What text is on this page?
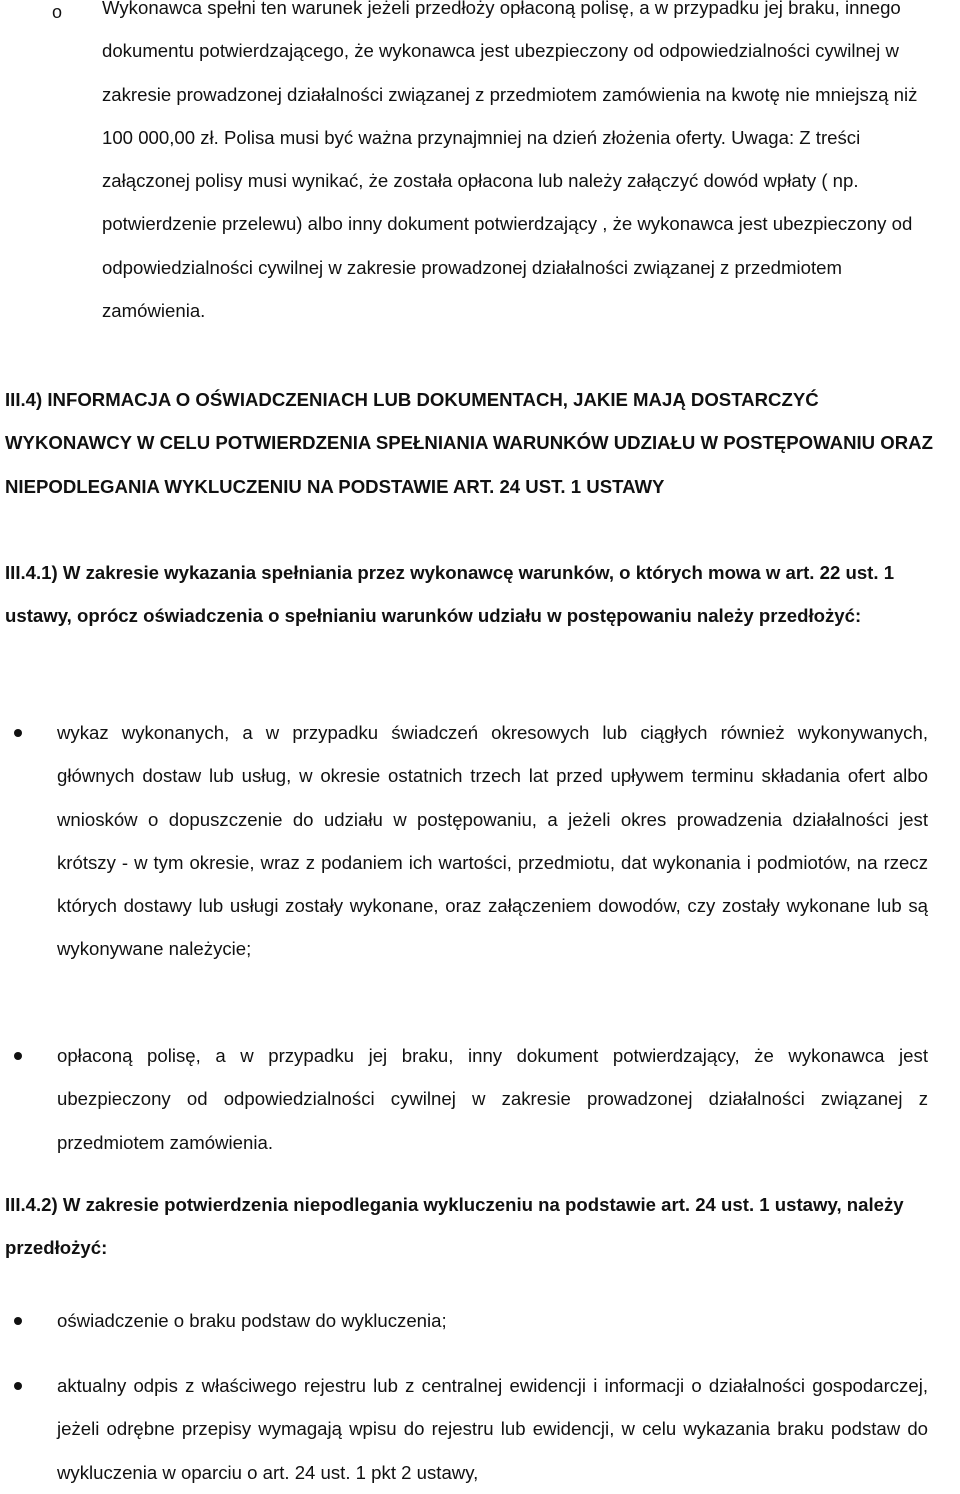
o Wykonawca spełni ten warunek jeżeli przedłoży opłaconą polisę, a w przypadku jej braku, innego dokumentu potwierdzającego, że wykonawca jest ubezpieczony od odpowiedzialności cywilnej w zakresie prowadzonej działalności związanej z przedmiotem zamówienia na kwotę nie mniejszą niż 100 000,00 zł. Polisa musi być ważna przynajmniej na dzień złożenia oferty. Uwaga: Z treści załączonej polisy musi wynikać, że została opłacona lub należy załączyć dowód wpłaty ( np. potwierdzenie przelewu) albo inny dokument potwierdzający , że wykonawca jest ubezpieczony od odpowiedzialności cywilnej w zakresie prowadzonej działalności związanej z przedmiotem zamówienia.
III.4) INFORMACJA O OŚWIADCZENIACH LUB DOKUMENTACH, JAKIE MAJĄ DOSTARCZYĆ WYKONAWCY W CELU POTWIERDZENIA SPEŁNIANIA WARUNKÓW UDZIAŁU W POSTĘPOWANIU ORAZ NIEPODLEGANIA WYKLUCZENIU NA PODSTAWIE ART. 24 UST. 1 USTAWY
III.4.1) W zakresie wykazania spełniania przez wykonawcę warunków, o których mowa w art. 22 ust. 1 ustawy, oprócz oświadczenia o spełnianiu warunków udziału w postępowaniu należy przedłożyć:
wykaz wykonanych, a w przypadku świadczeń okresowych lub ciągłych również wykonywanych, głównych dostaw lub usług, w okresie ostatnich trzech lat przed upływem terminu składania ofert albo wniosków o dopuszczenie do udziału w postępowaniu, a jeżeli okres prowadzenia działalności jest krótszy - w tym okresie, wraz z podaniem ich wartości, przedmiotu, dat wykonania i podmiotów, na rzecz których dostawy lub usługi zostały wykonane, oraz załączeniem dowodów, czy zostały wykonane lub są wykonywane należycie;
opłaconą polisę, a w przypadku jej braku, inny dokument potwierdzający, że wykonawca jest ubezpieczony od odpowiedzialności cywilnej w zakresie prowadzonej działalności związanej z przedmiotem zamówienia.
III.4.2) W zakresie potwierdzenia niepodlegania wykluczeniu na podstawie art. 24 ust. 1 ustawy, należy przedłożyć:
oświadczenie o braku podstaw do wykluczenia;
aktualny odpis z właściwego rejestru lub z centralnej ewidencji i informacji o działalności gospodarczej, jeżeli odrębne przepisy wymagają wpisu do rejestru lub ewidencji, w celu wykazania braku podstaw do wykluczenia w oparciu o art. 24 ust. 1 pkt 2 ustawy,
